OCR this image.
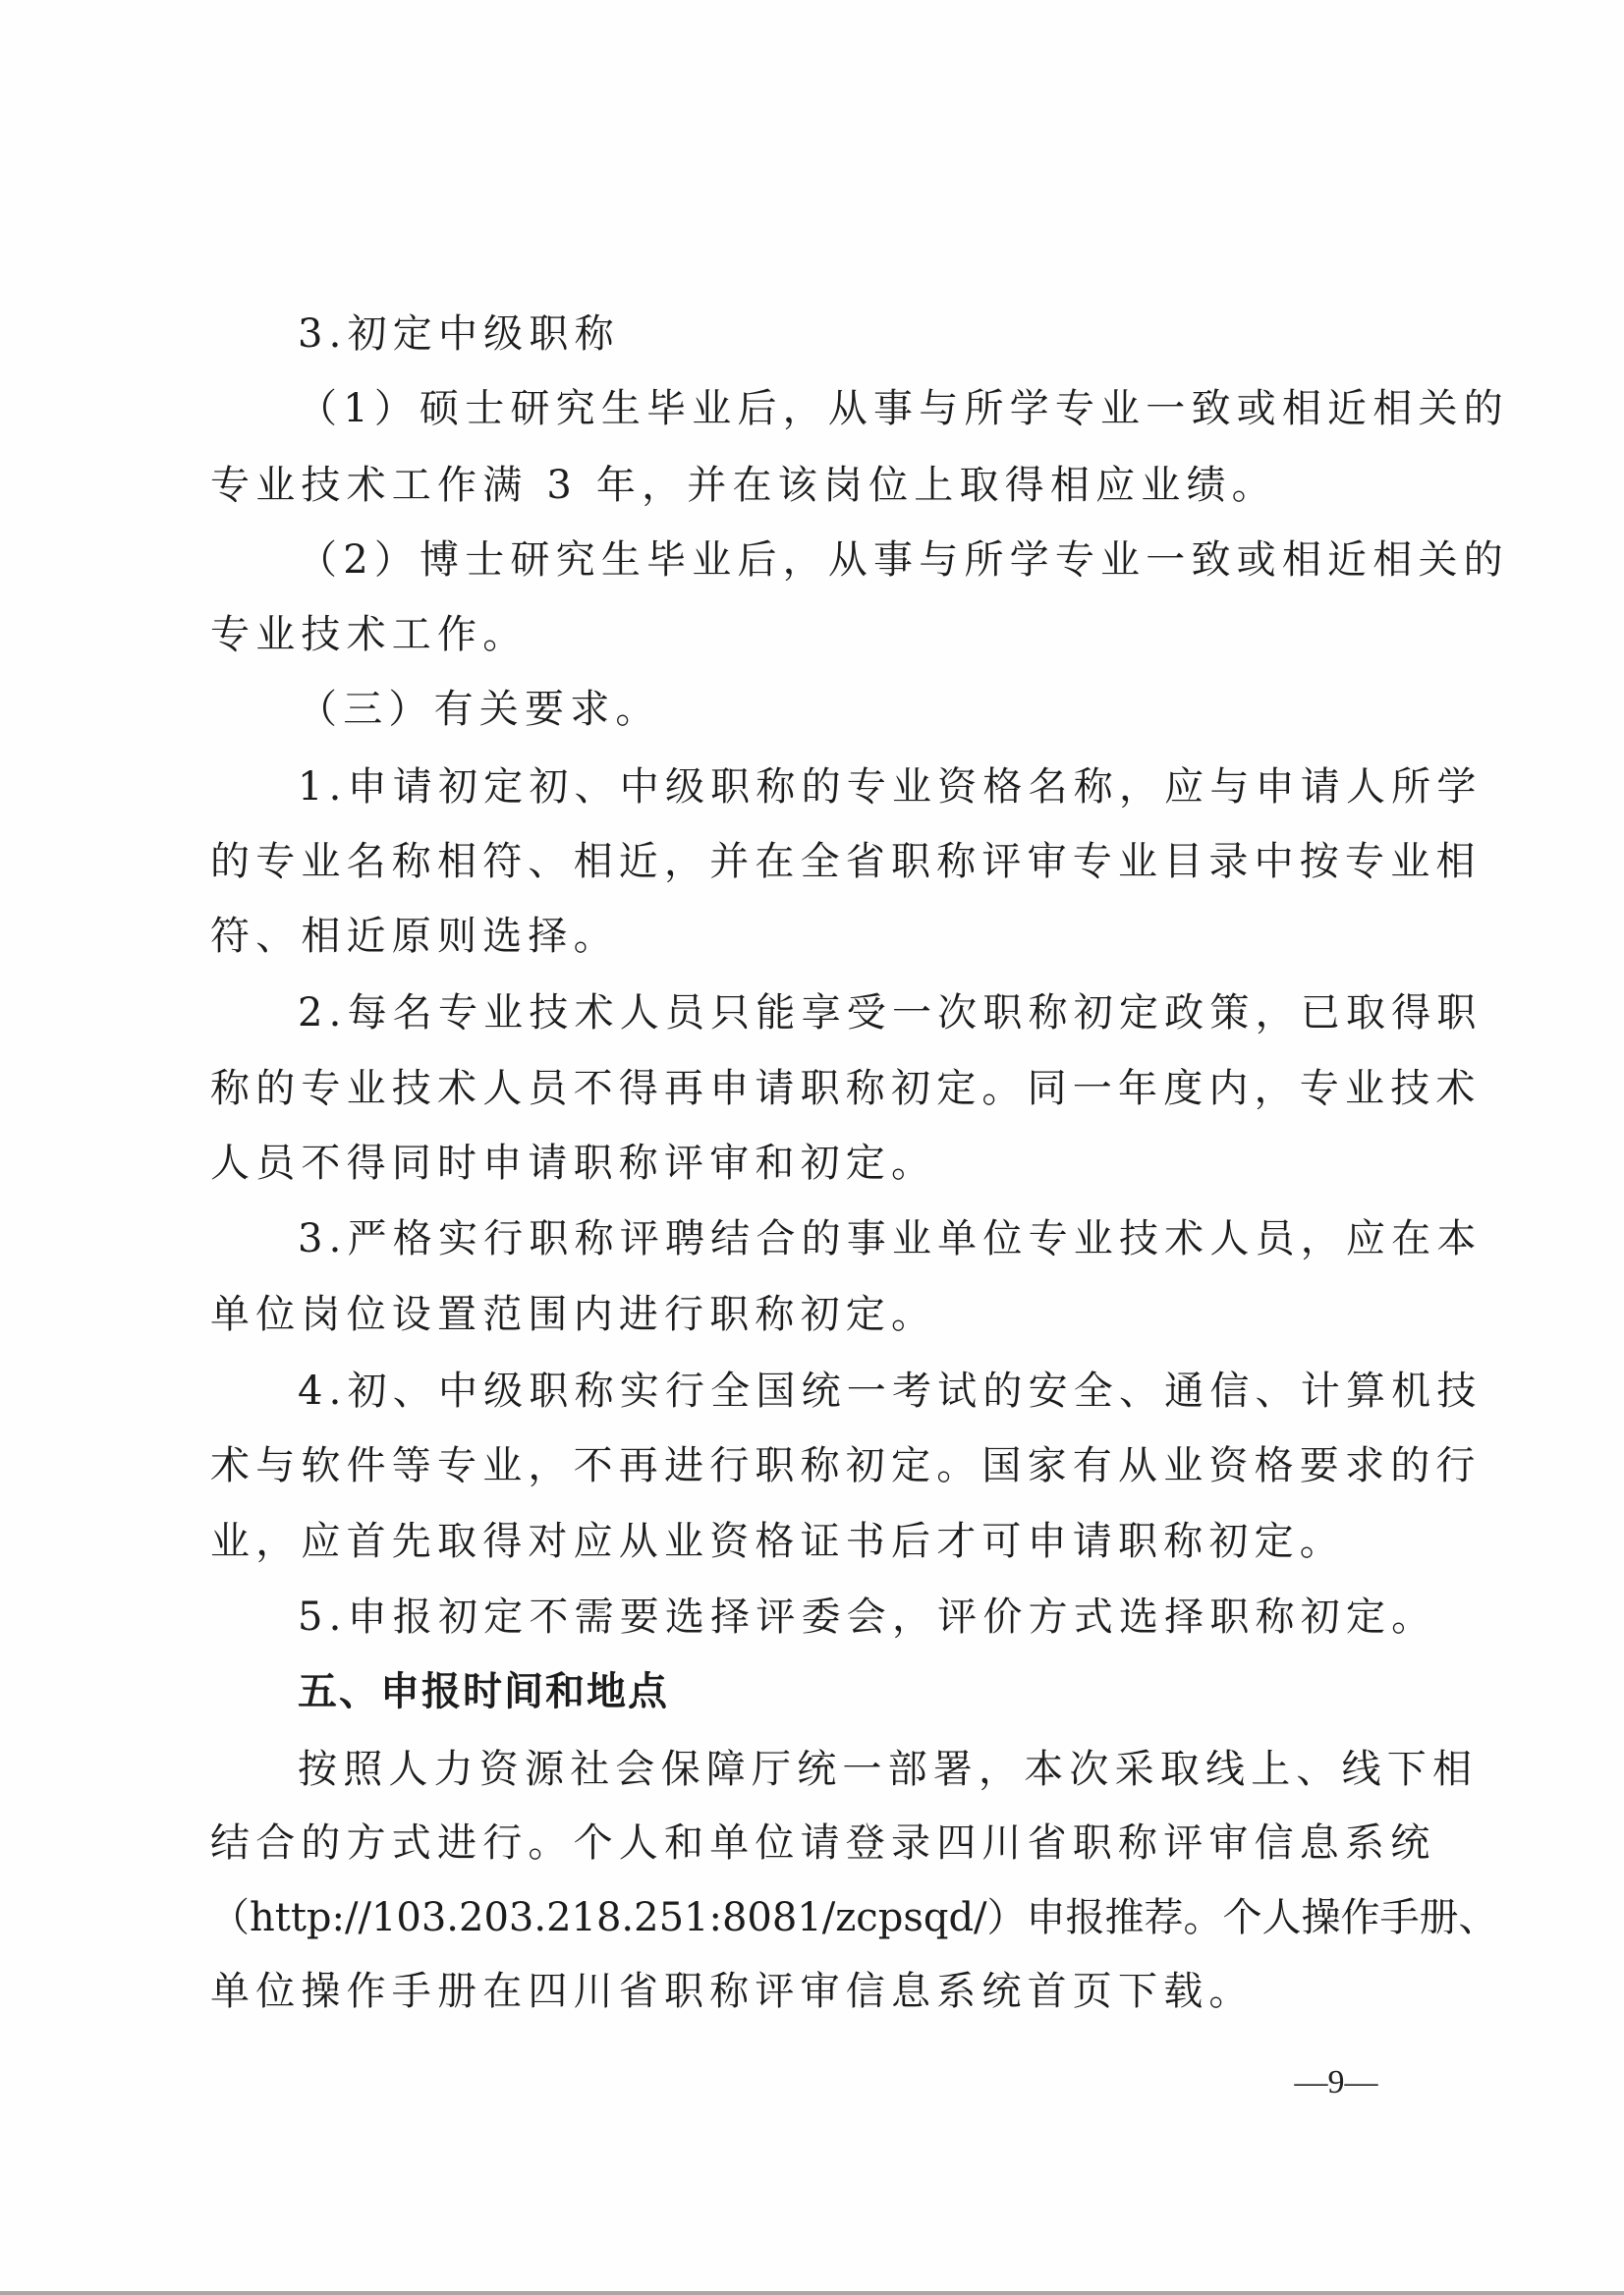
3.初定中级职称
（1）硕士研究生毕业后，从事与所学专业一致或相近相关的
专业技术工作满 3 年，并在该岗位上取得相应业绩。
（2）博士研究生毕业后，从事与所学专业一致或相近相关的
专业技术工作。
（三）有关要求。
1.申请初定初、中级职称的专业资格名称，应与申请人所学
的专业名称相符、相近，并在全省职称评审专业目录中按专业相
符、相近原则选择。
2.每名专业技术人员只能享受一次职称初定政策，已取得职
称的专业技术人员不得再申请职称初定。同一年度内，专业技术
人员不得同时申请职称评审和初定。
3.严格实行职称评聘结合的事业单位专业技术人员，应在本
单位岗位设置范围内进行职称初定。
4.初、中级职称实行全国统一考试的安全、通信、计算机技
术与软件等专业，不再进行职称初定。国家有从业资格要求的行
业，应首先取得对应从业资格证书后才可申请职称初定。
5.申报初定不需要选择评委会，评价方式选择职称初定。
五、申报时间和地点
按照人力资源社会保障厅统一部署，本次采取线上、线下相
结合的方式进行。个人和单位请登录四川省职称评审信息系统
（http://103.203.218.251:8081/zcpsqd/）申报推荐。个人操作手册、
单位操作手册在四川省职称评审信息系统首页下载。
—9—
